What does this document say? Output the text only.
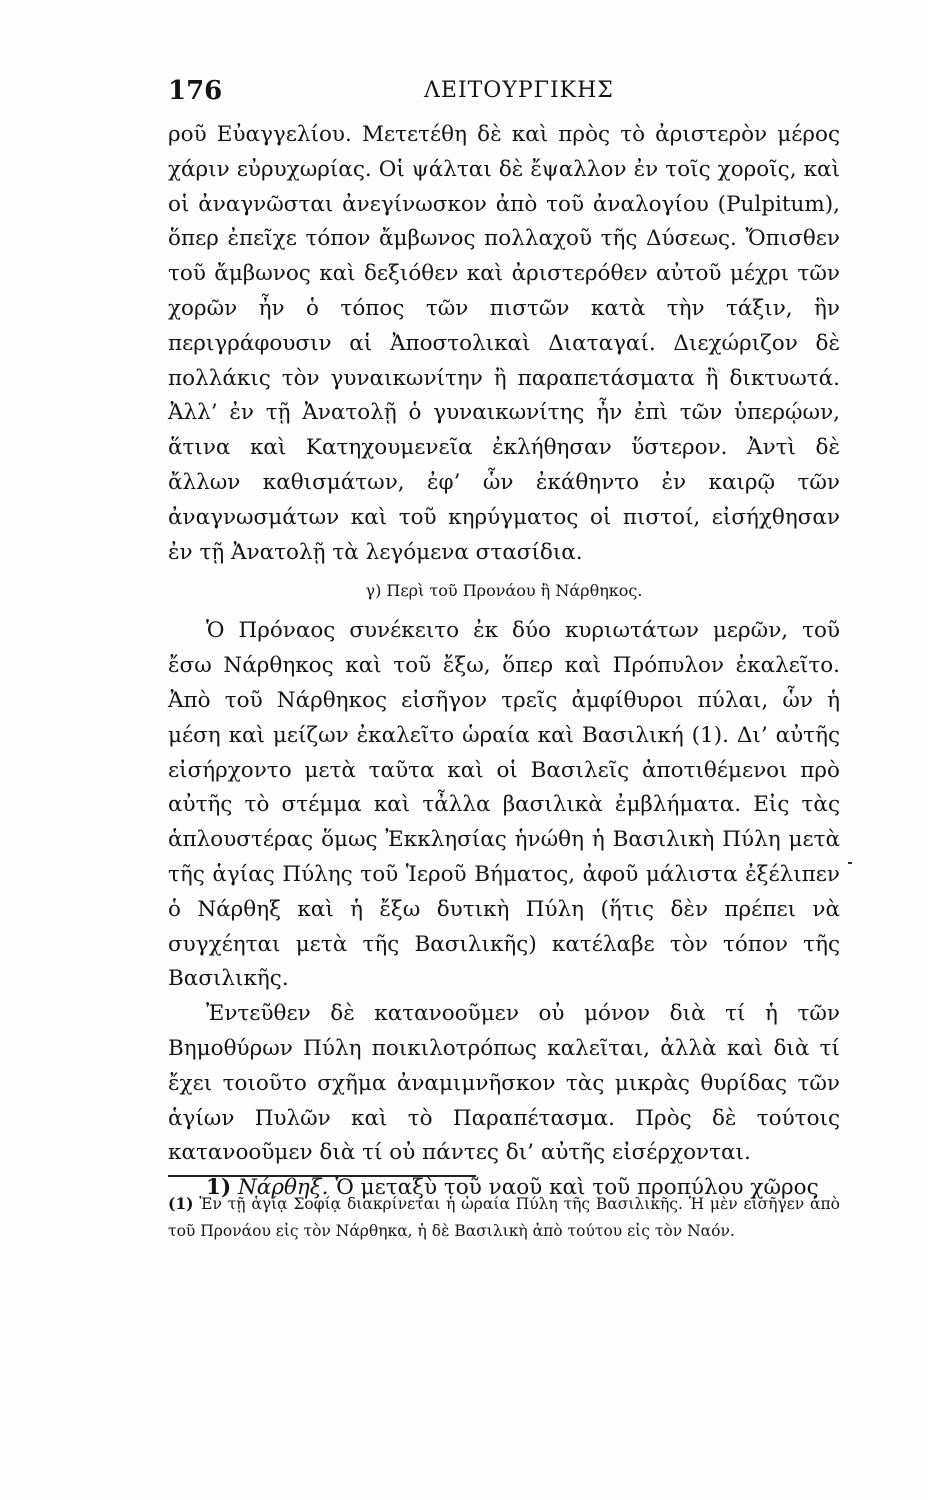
176	ΛΕΙΤΟΥΡΓΙΚΗΣ

ροῦ Εὐαγγελίου. Μετετέθη δὲ καὶ πρὸς τὸ ἀριστερὸν μέρος χάριν εὐρυχωρίας. Οἱ ψάλται δὲ ἔψαλλον ἐν τοῖς χοροῖς, καὶ οἱ ἀναγνῶσται ἀνεγίνωσκον ἀπὸ τοῦ ἀναλογίου (Pulpitum), ὅπερ ἐπεῖχε τόπον ἄμβωνος πολλαχοῦ τῆς Δύσεως. Ὄπισθεν τοῦ ἄμβωνος καὶ δεξιόθεν καὶ ἀριστερόθεν αὐτοῦ μέχρι τῶν χορῶν ἦν ὁ τόπος τῶν πιστῶν κατὰ τὴν τάξιν, ἣν περιγράφουσιν αἱ Ἀποστολικαὶ Διαταγαί. Διεχώριζον δὲ πολλάκις τὸν γυναικωνίτην ἢ παραπετάσματα ἢ δικτυωτά. Ἀλλ’ ἐν τῇ Ἀνατολῇ ὁ γυναικωνίτης ἦν ἐπὶ τῶν ὑπερῴων, ἅτινα καὶ Κατηχουμενεῖα ἐκλήθησαν ὕστερον. Ἀντὶ δὲ ἄλλων καθισμάτων, ἐφ’ ὧν ἐκάθηντο ἐν καιρῷ τῶν ἀναγνωσμάτων καὶ τοῦ κηρύγματος οἱ πιστοί, εἰσήχθησαν ἐν τῇ Ἀνατολῇ τὰ λεγόμενα στασίδια.

γ) Περὶ τοῦ Προνάου ἢ Νάρθηκος.

Ὁ Πρόναος συνέκειτο ἐκ δύο κυριωτάτων μερῶν, τοῦ ἔσω Νάρθηκος καὶ τοῦ ἔξω, ὅπερ καὶ Πρόπυλον ἐκαλεῖτο. Ἀπὸ τοῦ Νάρθηκος εἰσῆγον τρεῖς ἀμφίθυροι πύλαι, ὧν ἡ μέση καὶ μείζων ἐκαλεῖτο ὡραία καὶ Βασιλική (1). Δι’ αὐτῆς εἰσήρχοντο μετὰ ταῦτα καὶ οἱ Βασιλεῖς ἀποτιθέμενοι πρὸ αὐτῆς τὸ στέμμα καὶ τἆλλα βασιλικὰ ἐμβλήματα. Εἰς τὰς ἁπλουστέρας ὅμως Ἐκκλησίας ἡνώθη ἡ Βασιλικὴ Πύλη μετὰ τῆς ἁγίας Πύλης τοῦ Ἱεροῦ Βήματος, ἀφοῦ μάλιστα ἐξέλιπεν ὁ Νάρθηξ καὶ ἡ ἔξω δυτικὴ Πύλη (ἥτις δὲν πρέπει νὰ συγχέηται μετὰ τῆς Βασιλικῆς) κατέλαβε τὸν τόπον τῆς Βασιλικῆς.

Ἐντεῦθεν δὲ κατανοοῦμεν οὐ μόνον διὰ τί ἡ τῶν Βημοθύρων Πύλη ποικιλοτρόπως καλεῖται, ἀλλὰ καὶ διὰ τί ἔχει τοιοῦτο σχῆμα ἀναμιμνῆσκον τὰς μικρὰς θυρίδας τῶν ἁγίων Πυλῶν καὶ τὸ Παραπέτασμα. Πρὸς δὲ τούτοις κατανοοῦμεν διὰ τί οὐ πάντες δι’ αὐτῆς εἰσέρχονται.

1) Νάρθηξ. Ὁ μεταξὺ τοῦ ναοῦ καὶ τοῦ προπύλου χῶρος

(1) Ἐν τῇ ἁγίᾳ Σοφίᾳ διακρίνεται ἡ ὡραία Πύλη τῆς Βασιλικῆς. Ἡ μὲν εἰσῆγεν ἀπὸ τοῦ Προνάου εἰς τὸν Νάρθηκα, ἡ δὲ Βασιλικὴ ἀπὸ τούτου εἰς τὸν Ναόν.
